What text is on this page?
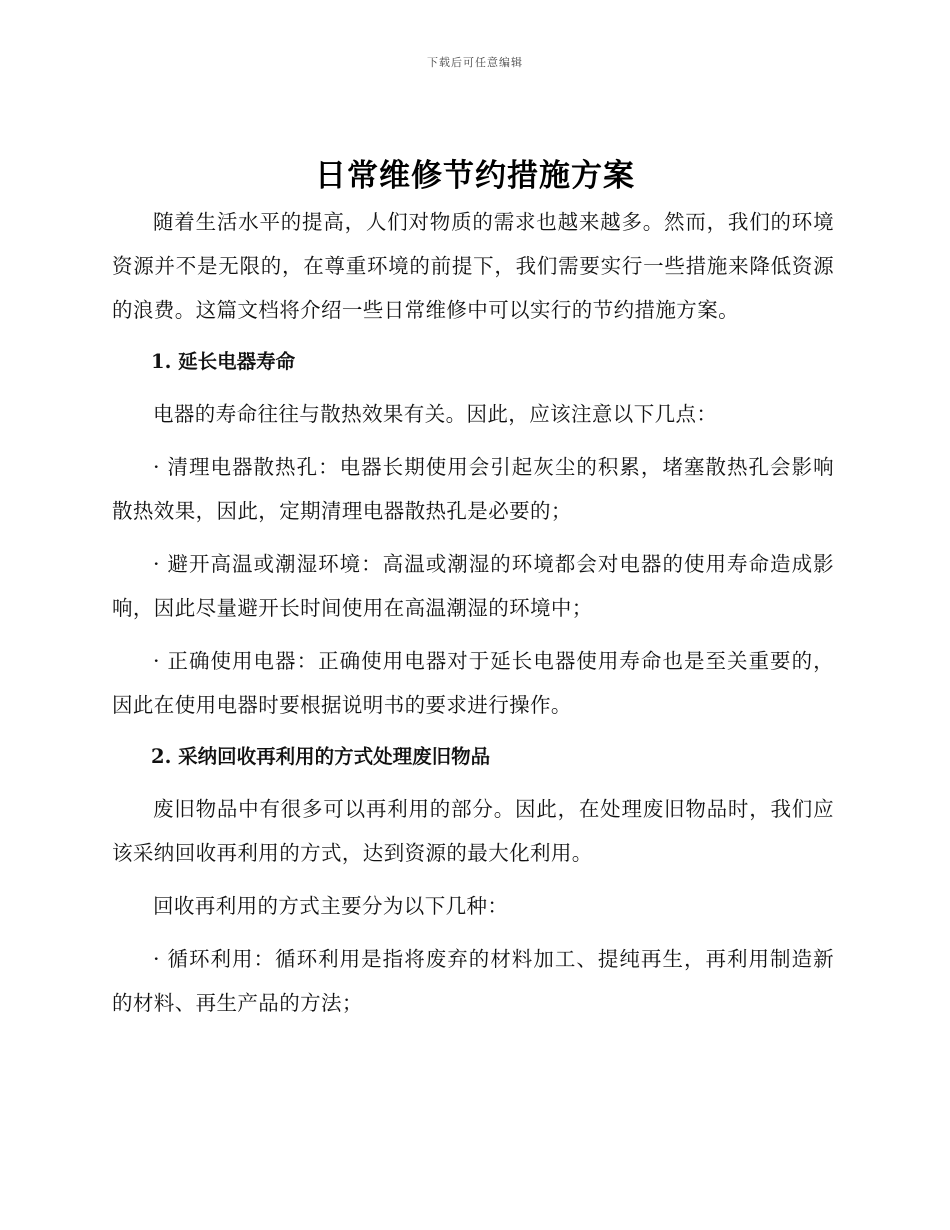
下载后可任意编辑
日常维修节约措施方案

随着生活水平的提高，人们对物质的需求也越来越多。然而，我们的环境资源并不是无限的，在尊重环境的前提下，我们需要实行一些措施来降低资源的浪费。这篇文档将介绍一些日常维修中可以实行的节约措施方案。

1. 延长电器寿命

电器的寿命往往与散热效果有关。因此，应该注意以下几点：

· 清理电器散热孔：电器长期使用会引起灰尘的积累，堵塞散热孔会影响散热效果，因此，定期清理电器散热孔是必要的；

· 避开高温或潮湿环境：高温或潮湿的环境都会对电器的使用寿命造成影响，因此尽量避开长时间使用在高温潮湿的环境中；

· 正确使用电器：正确使用电器对于延长电器使用寿命也是至关重要的，因此在使用电器时要根据说明书的要求进行操作。

2. 采纳回收再利用的方式处理废旧物品

废旧物品中有很多可以再利用的部分。因此，在处理废旧物品时，我们应该采纳回收再利用的方式，达到资源的最大化利用。

回收再利用的方式主要分为以下几种：

· 循环利用：循环利用是指将废弃的材料加工、提纯再生，再利用制造新的材料、再生产品的方法；
